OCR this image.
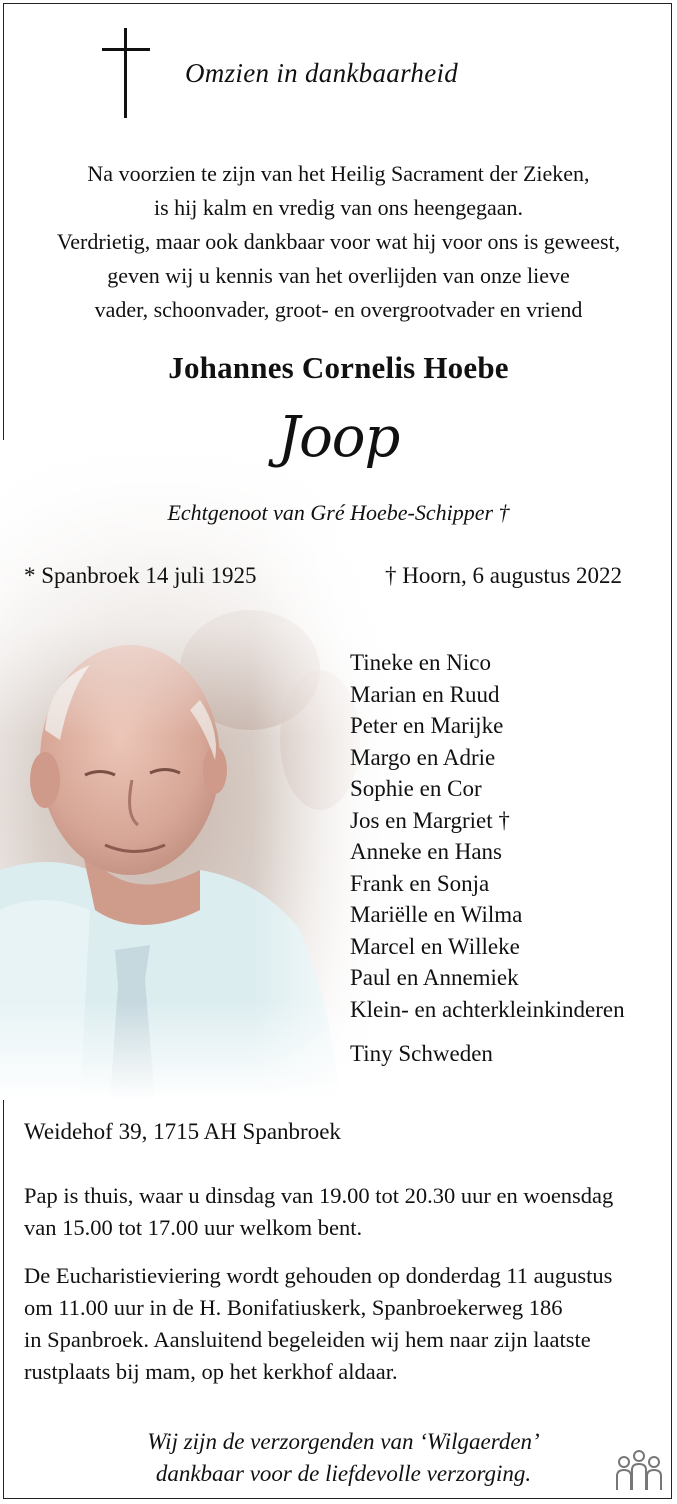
Omzien in dankbaarheid
Na voorzien te zijn van het Heilig Sacrament der Zieken,
is hij kalm en vredig van ons heengegaan.
Verdrietig, maar ook dankbaar voor wat hij voor ons is geweest,
geven wij u kennis van het overlijden van onze lieve
vader, schoonvader, groot- en overgrootvader en vriend
Johannes Cornelis Hoebe
Joop
Echtgenoot van Gré Hoebe-Schipper †
* Spanbroek 14 juli 1925	† Hoorn, 6 augustus 2022
Tineke en Nico
Marian en Ruud
Peter en Marijke
Margo en Adrie
Sophie en Cor
Jos en Margriet †
Anneke en Hans
Frank en Sonja
Mariëlle en Wilma
Marcel en Willeke
Paul en Annemiek
Klein- en achterkleinkinderen
Tiny Schweden
Weidehof 39, 1715 AH Spanbroek
Pap is thuis, waar u dinsdag van 19.00 tot 20.30 uur en woensdag
van 15.00 tot 17.00 uur welkom bent.
De Eucharistieviering wordt gehouden op donderdag 11 augustus
om 11.00 uur in de H. Bonifatiuskerk, Spanbroekerweg 186
in Spanbroek. Aansluitend begeleiden wij hem naar zijn laatste
rustplaats bij mam, op het kerkhof aldaar.
Wij zijn de verzorgenden van ‘Wilgaerden’
dankbaar voor de liefdevolle verzorging.
